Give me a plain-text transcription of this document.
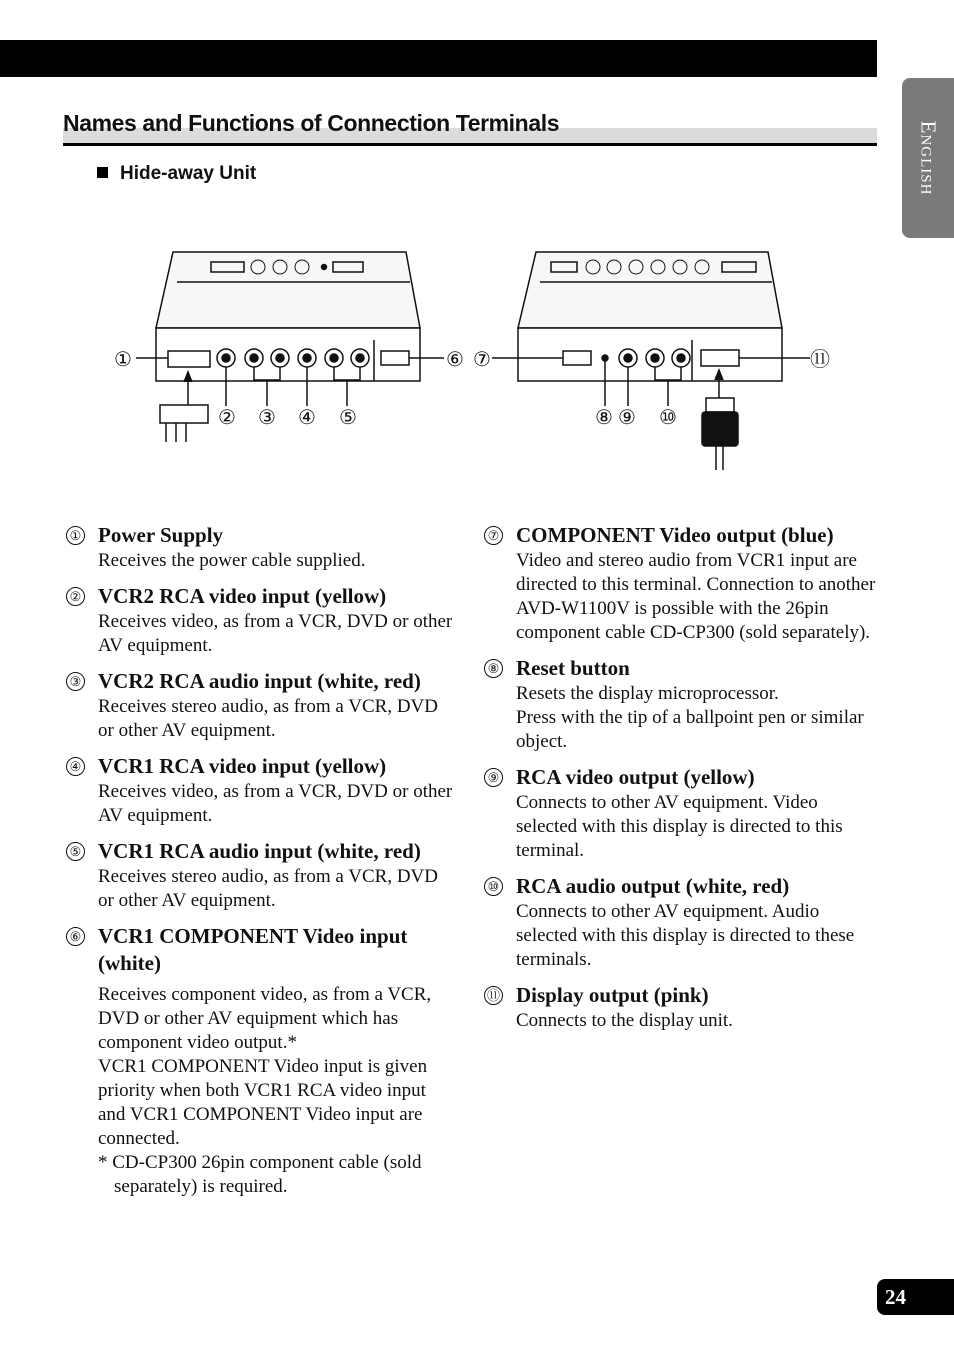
English
Names and Functions of Connection Terminals
Hide-away Unit
①
② ③ ④ ⑤
⑥ ⑦
⑧ ⑨ ⑩
⑪
① Power Supply
Receives the power cable supplied.
② VCR2 RCA video input (yellow)
Receives video, as from a VCR, DVD or other AV equipment.
③ VCR2 RCA audio input (white, red)
Receives stereo audio, as from a VCR, DVD or other AV equipment.
④ VCR1 RCA video input (yellow)
Receives video, as from a VCR, DVD or other AV equipment.
⑤ VCR1 RCA audio input (white, red)
Receives stereo audio, as from a VCR, DVD or other AV equipment.
⑥ VCR1 COMPONENT Video input (white)
Receives component video, as from a VCR, DVD or other AV equipment which has component video output.*
VCR1 COMPONENT Video input is given priority when both VCR1 RCA video input and VCR1 COMPONENT Video input are connected.
* CD-CP300 26pin component cable (sold separately) is required.
⑦ COMPONENT Video output (blue)
Video and stereo audio from VCR1 input are directed to this terminal. Connection to another AVD-W1100V is possible with the 26pin component cable CD-CP300 (sold separately).
⑧ Reset button
Resets the display microprocessor.
Press with the tip of a ballpoint pen or similar object.
⑨ RCA video output (yellow)
Connects to other AV equipment. Video selected with this display is directed to this terminal.
⑩ RCA audio output (white, red)
Connects to other AV equipment. Audio selected with this display is directed to these terminals.
⑪ Display output (pink)
Connects to the display unit.
24
